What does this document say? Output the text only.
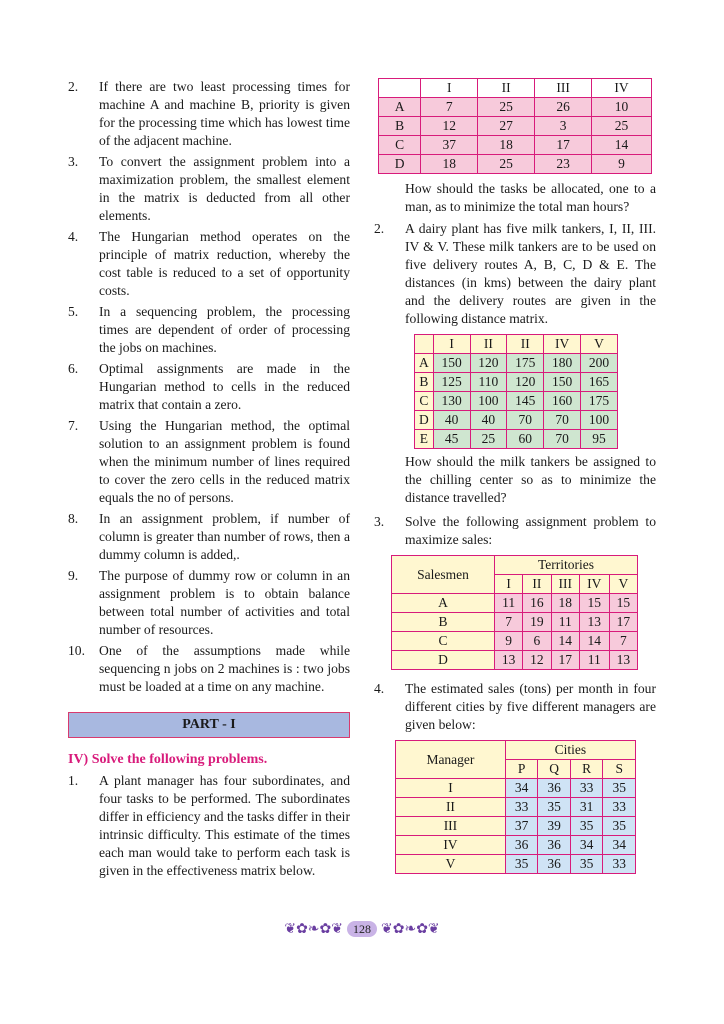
2.	If there are two least processing times for machine A and machine B, priority is given for the processing time which has lowest time of the adjacent machine.
3.	To convert the assignment problem into a maximization problem, the smallest element in the matrix is deducted from all other elements.
4.	The Hungarian method operates on the principle of matrix reduction, whereby the cost table is reduced to a set of opportunity costs.
5.	In a sequencing problem, the processing times are dependent of order of processing the jobs on machines.
6.	Optimal assignments are made in the Hungarian method to cells in the reduced matrix that contain a zero.
7.	Using the Hungarian method, the optimal solution to an assignment problem is found when the minimum number of lines required to cover the zero cells in the reduced matrix equals the no of persons.
8.	In an assignment problem, if number of column is greater than number of rows, then a dummy column is added,.
9.	The purpose of dummy row or column in an assignment problem is to obtain balance between total number of activities and total number of resources.
10.	One of the assumptions made while sequencing n jobs on 2 machines is : two jobs must be loaded at a time on any machine.
PART - I
IV) Solve the following problems.
1.	A plant manager has four subordinates, and four tasks to be performed. The subordinates differ in efficiency and the tasks differ in their intrinsic difficulty. This estimate of the times each man would take to perform each task is given in the effectiveness matrix below.
	I	II	III	IV
A	7	25	26	10
B	12	27	3	25
C	37	18	17	14
D	18	25	23	9
How should the tasks be allocated, one to a man, as to minimize the total man hours?
2.	A dairy plant has five milk tankers, I, II, III. IV & V. These milk tankers are to be used on five delivery routes A, B, C, D & E. The distances (in kms) between the dairy plant and the delivery routes are given in the following distance matrix.
	I	II	II	IV	V
A	150	120	175	180	200
B	125	110	120	150	165
C	130	100	145	160	175
D	40	40	70	70	100
E	45	25	60	70	95
How should the milk tankers be assigned to the chilling center so as to minimize the distance travelled?
3.	Solve the following assignment problem to maximize sales:
Salesmen	Territories				
	I	II	III	IV	V
A	11	16	18	15	15
B	7	19	11	13	17
C	9	6	14	14	7
D	13	12	17	11	13
4.	The estimated sales (tons) per month in four different cities by five different managers are given below:
Manager	Cities			
	P	Q	R	S
I	34	36	33	35
II	33	35	31	33
III	37	39	35	35
IV	36	36	34	34
V	35	36	35	33
❦✿❧✿❦ 128 ❦✿❧✿❦
